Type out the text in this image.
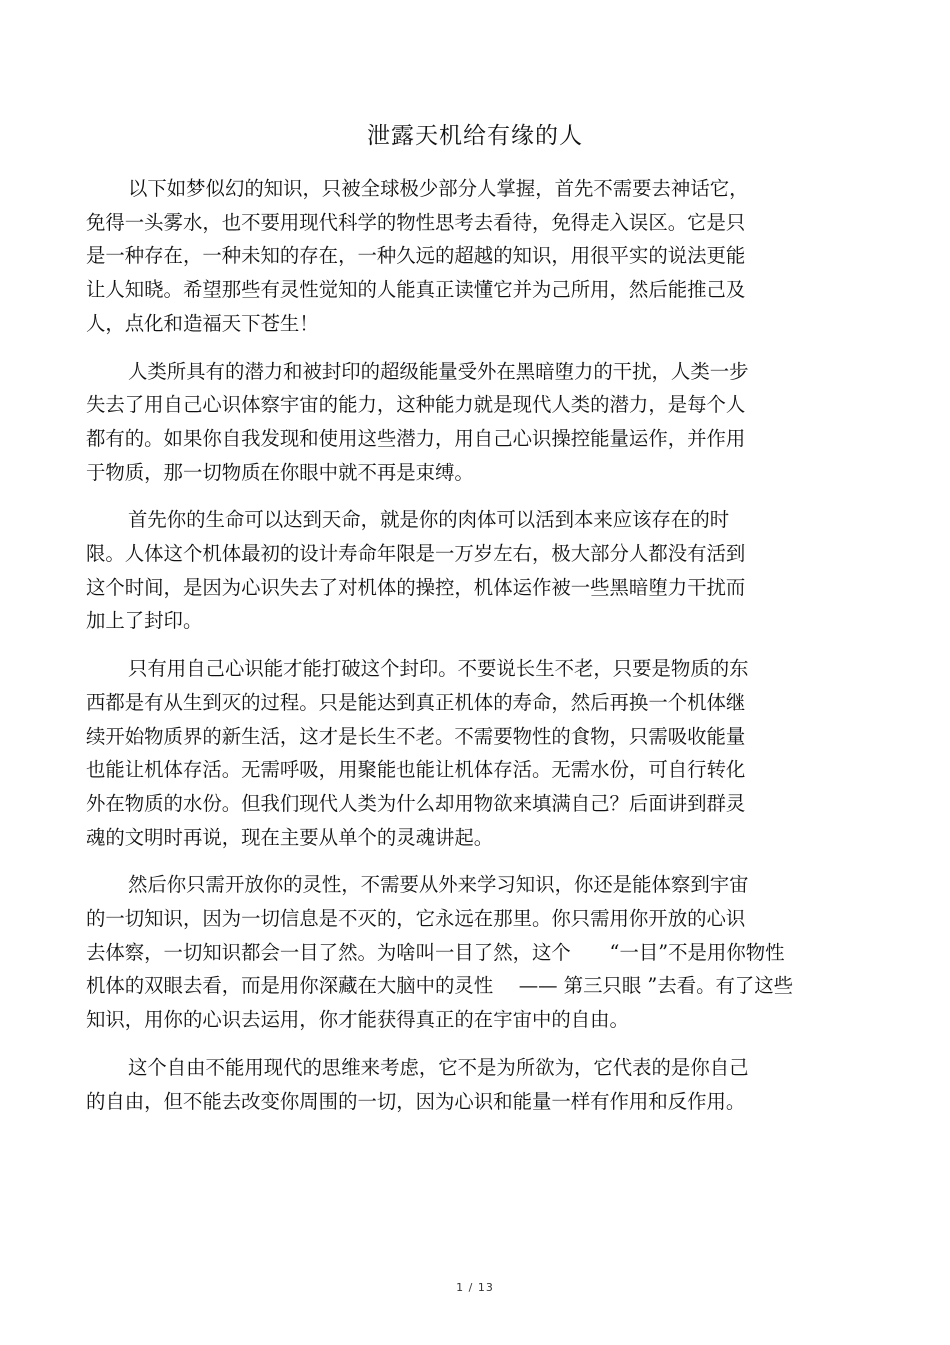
泄露天机给有缘的人
以下如梦似幻的知识，只被全球极少部分人掌握，首先不需要去神话它，
免得一头雾水，也不要用现代科学的物性思考去看待，免得走入误区。它是只
是一种存在，一种未知的存在，一种久远的超越的知识，用很平实的说法更能
让人知晓。希望那些有灵性觉知的人能真正读懂它并为己所用，然后能推己及
人，点化和造福天下苍生！
人类所具有的潜力和被封印的超级能量受外在黑暗堕力的干扰，人类一步
失去了用自己心识体察宇宙的能力，这种能力就是现代人类的潜力，是每个人
都有的。如果你自我发现和使用这些潜力，用自己心识操控能量运作，并作用
于物质，那一切物质在你眼中就不再是束缚。
首先你的生命可以达到天命，就是你的肉体可以活到本来应该存在的时
限。人体这个机体最初的设计寿命年限是一万岁左右，极大部分人都没有活到
这个时间，是因为心识失去了对机体的操控，机体运作被一些黑暗堕力干扰而
加上了封印。
只有用自己心识能才能打破这个封印。不要说长生不老，只要是物质的东
西都是有从生到灭的过程。只是能达到真正机体的寿命，然后再换一个机体继
续开始物质界的新生活，这才是长生不老。不需要物性的食物，只需吸收能量
也能让机体存活。无需呼吸，用聚能也能让机体存活。无需水份，可自行转化
外在物质的水份。但我们现代人类为什么却用物欲来填满自己？后面讲到群灵
魂的文明时再说，现在主要从单个的灵魂讲起。
然后你只需开放你的灵性，不需要从外来学习知识，你还是能体察到宇宙
的一切知识，因为一切信息是不灭的，它永远在那里。你只需用你开放的心识
去体察，一切知识都会一目了然。为啥叫一目了然，这个　　“一目”不是用你物性
机体的双眼去看，而是用你深藏在大脑中的灵性　 —— 第三只眼 ”去看。有了这些
知识，用你的心识去运用，你才能获得真正的在宇宙中的自由。
这个自由不能用现代的思维来考虑，它不是为所欲为，它代表的是你自己
的自由，但不能去改变你周围的一切，因为心识和能量一样有作用和反作用。
1 / 13
